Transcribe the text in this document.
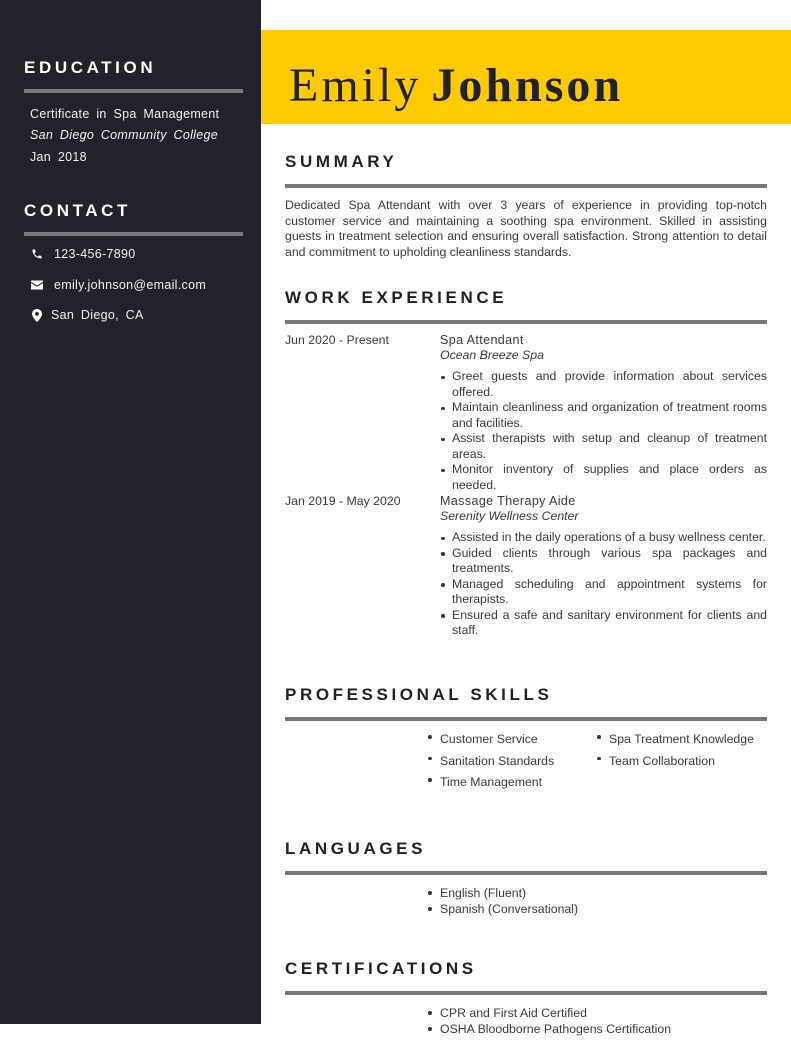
EDUCATION
Certificate in Spa Management
San Diego Community College
Jan 2018
CONTACT
123-456-7890
emily.johnson@email.com
San Diego, CA
Emily Johnson
SUMMARY

Dedicated Spa Attendant with over 3 years of experience in providing top-notch customer service and maintaining a soothing spa environment. Skilled in assisting guests in treatment selection and ensuring overall satisfaction. Strong attention to detail and commitment to upholding cleanliness standards.

WORK EXPERIENCE
Jun 2020 - Present	Spa Attendant
Ocean Breeze Spa
Greet guests and provide information about services offered.
Maintain cleanliness and organization of treatment rooms and facilities.
Assist therapists with setup and cleanup of treatment areas.
Monitor inventory of supplies and place orders as needed.
Jan 2019 - May 2020	Massage Therapy Aide
Serenity Wellness Center
Assisted in the daily operations of a busy wellness center.
Guided clients through various spa packages and treatments.
Managed scheduling and appointment systems for therapists.
Ensured a safe and sanitary environment for clients and staff.
PROFESSIONAL SKILLS
Customer Service
Sanitation Standards
Time Management
Spa Treatment Knowledge
Team Collaboration
LANGUAGES
English (Fluent)
Spanish (Conversational)
CERTIFICATIONS
CPR and First Aid Certified
OSHA Bloodborne Pathogens Certification
